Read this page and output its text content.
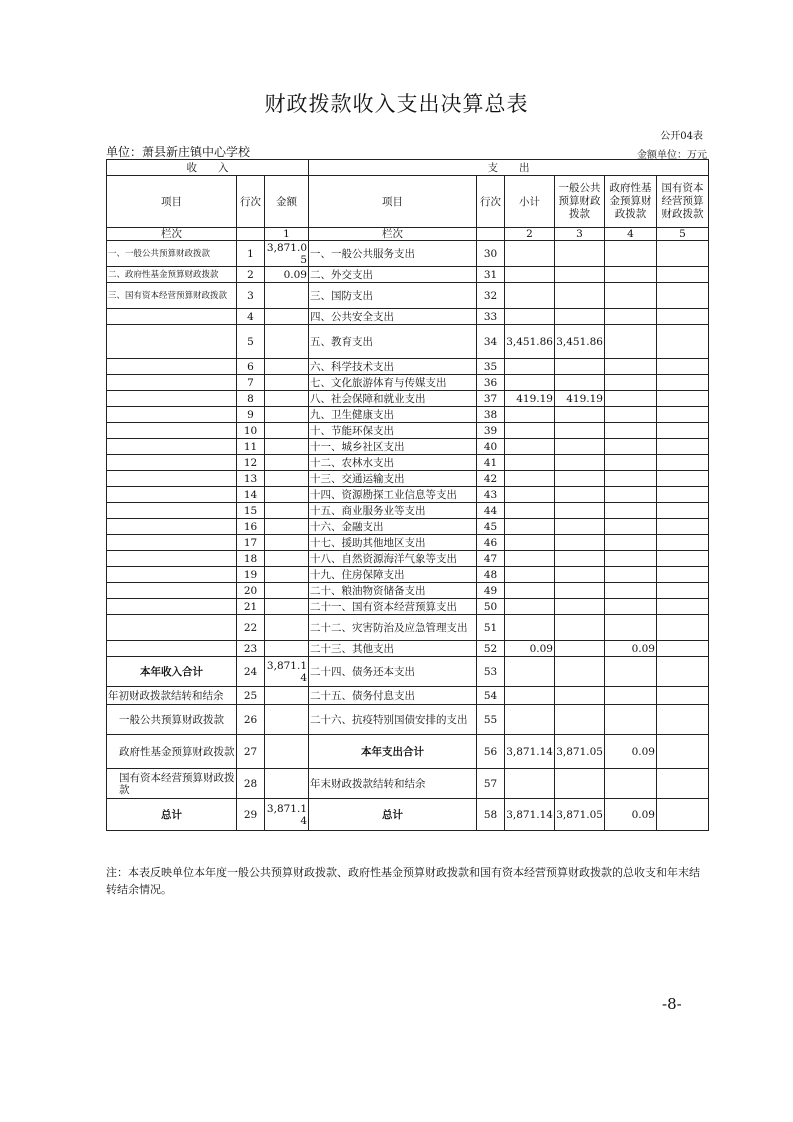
财政拨款收入支出决算总表
公开04表
单位：萧县新庄镇中心学校	金额单位：万元
收　　入			支　　出					
项目	行次	金额	项目	行次	小计	一般公共预算财政拨款	政府性基金预算财政拨款	国有资本经营预算财政拨款
栏次		1	栏次		2	3	4	5
一、一般公共预算财政拨款	1	3,871.05	一、一般公共服务支出	30				
二、政府性基金预算财政拨款	2	0.09	二、外交支出	31				
三、国有资本经营预算财政拨款	3		三、国防支出	32				
	4		四、公共安全支出	33				
	5		五、教育支出	34	3,451.86	3,451.86		
	6		六、科学技术支出	35				
	7		七、文化旅游体育与传媒支出	36				
	8		八、社会保障和就业支出	37	419.19	419.19		
	9		九、卫生健康支出	38				
	10		十、节能环保支出	39				
	11		十一、城乡社区支出	40				
	12		十二、农林水支出	41				
	13		十三、交通运输支出	42				
	14		十四、资源勘探工业信息等支出	43				
	15		十五、商业服务业等支出	44				
	16		十六、金融支出	45				
	17		十七、援助其他地区支出	46				
	18		十八、自然资源海洋气象等支出	47				
	19		十九、住房保障支出	48				
	20		二十、粮油物资储备支出	49				
	21		二十一、国有资本经营预算支出	50				
	22		二十二、灾害防治及应急管理支出	51				
	23		二十三、其他支出	52	0.09		0.09	
本年收入合计	24	3,871.14	二十四、债务还本支出	53				
年初财政拨款结转和结余	25		二十五、债务付息支出	54				
一般公共预算财政拨款	26		二十六、抗疫特别国债安排的支出	55				
政府性基金预算财政拨款	27		本年支出合计	56	3,871.14	3,871.05	0.09	
国有资本经营预算财政拨款	28		年末财政拨款结转和结余	57				
总计	29	3,871.14	总计	58	3,871.14	3,871.05	0.09	
注：本表反映单位本年度一般公共预算财政拨款、政府性基金预算财政拨款和国有资本经营预算财政拨款的总收支和年末结转结余情况。
-8-
